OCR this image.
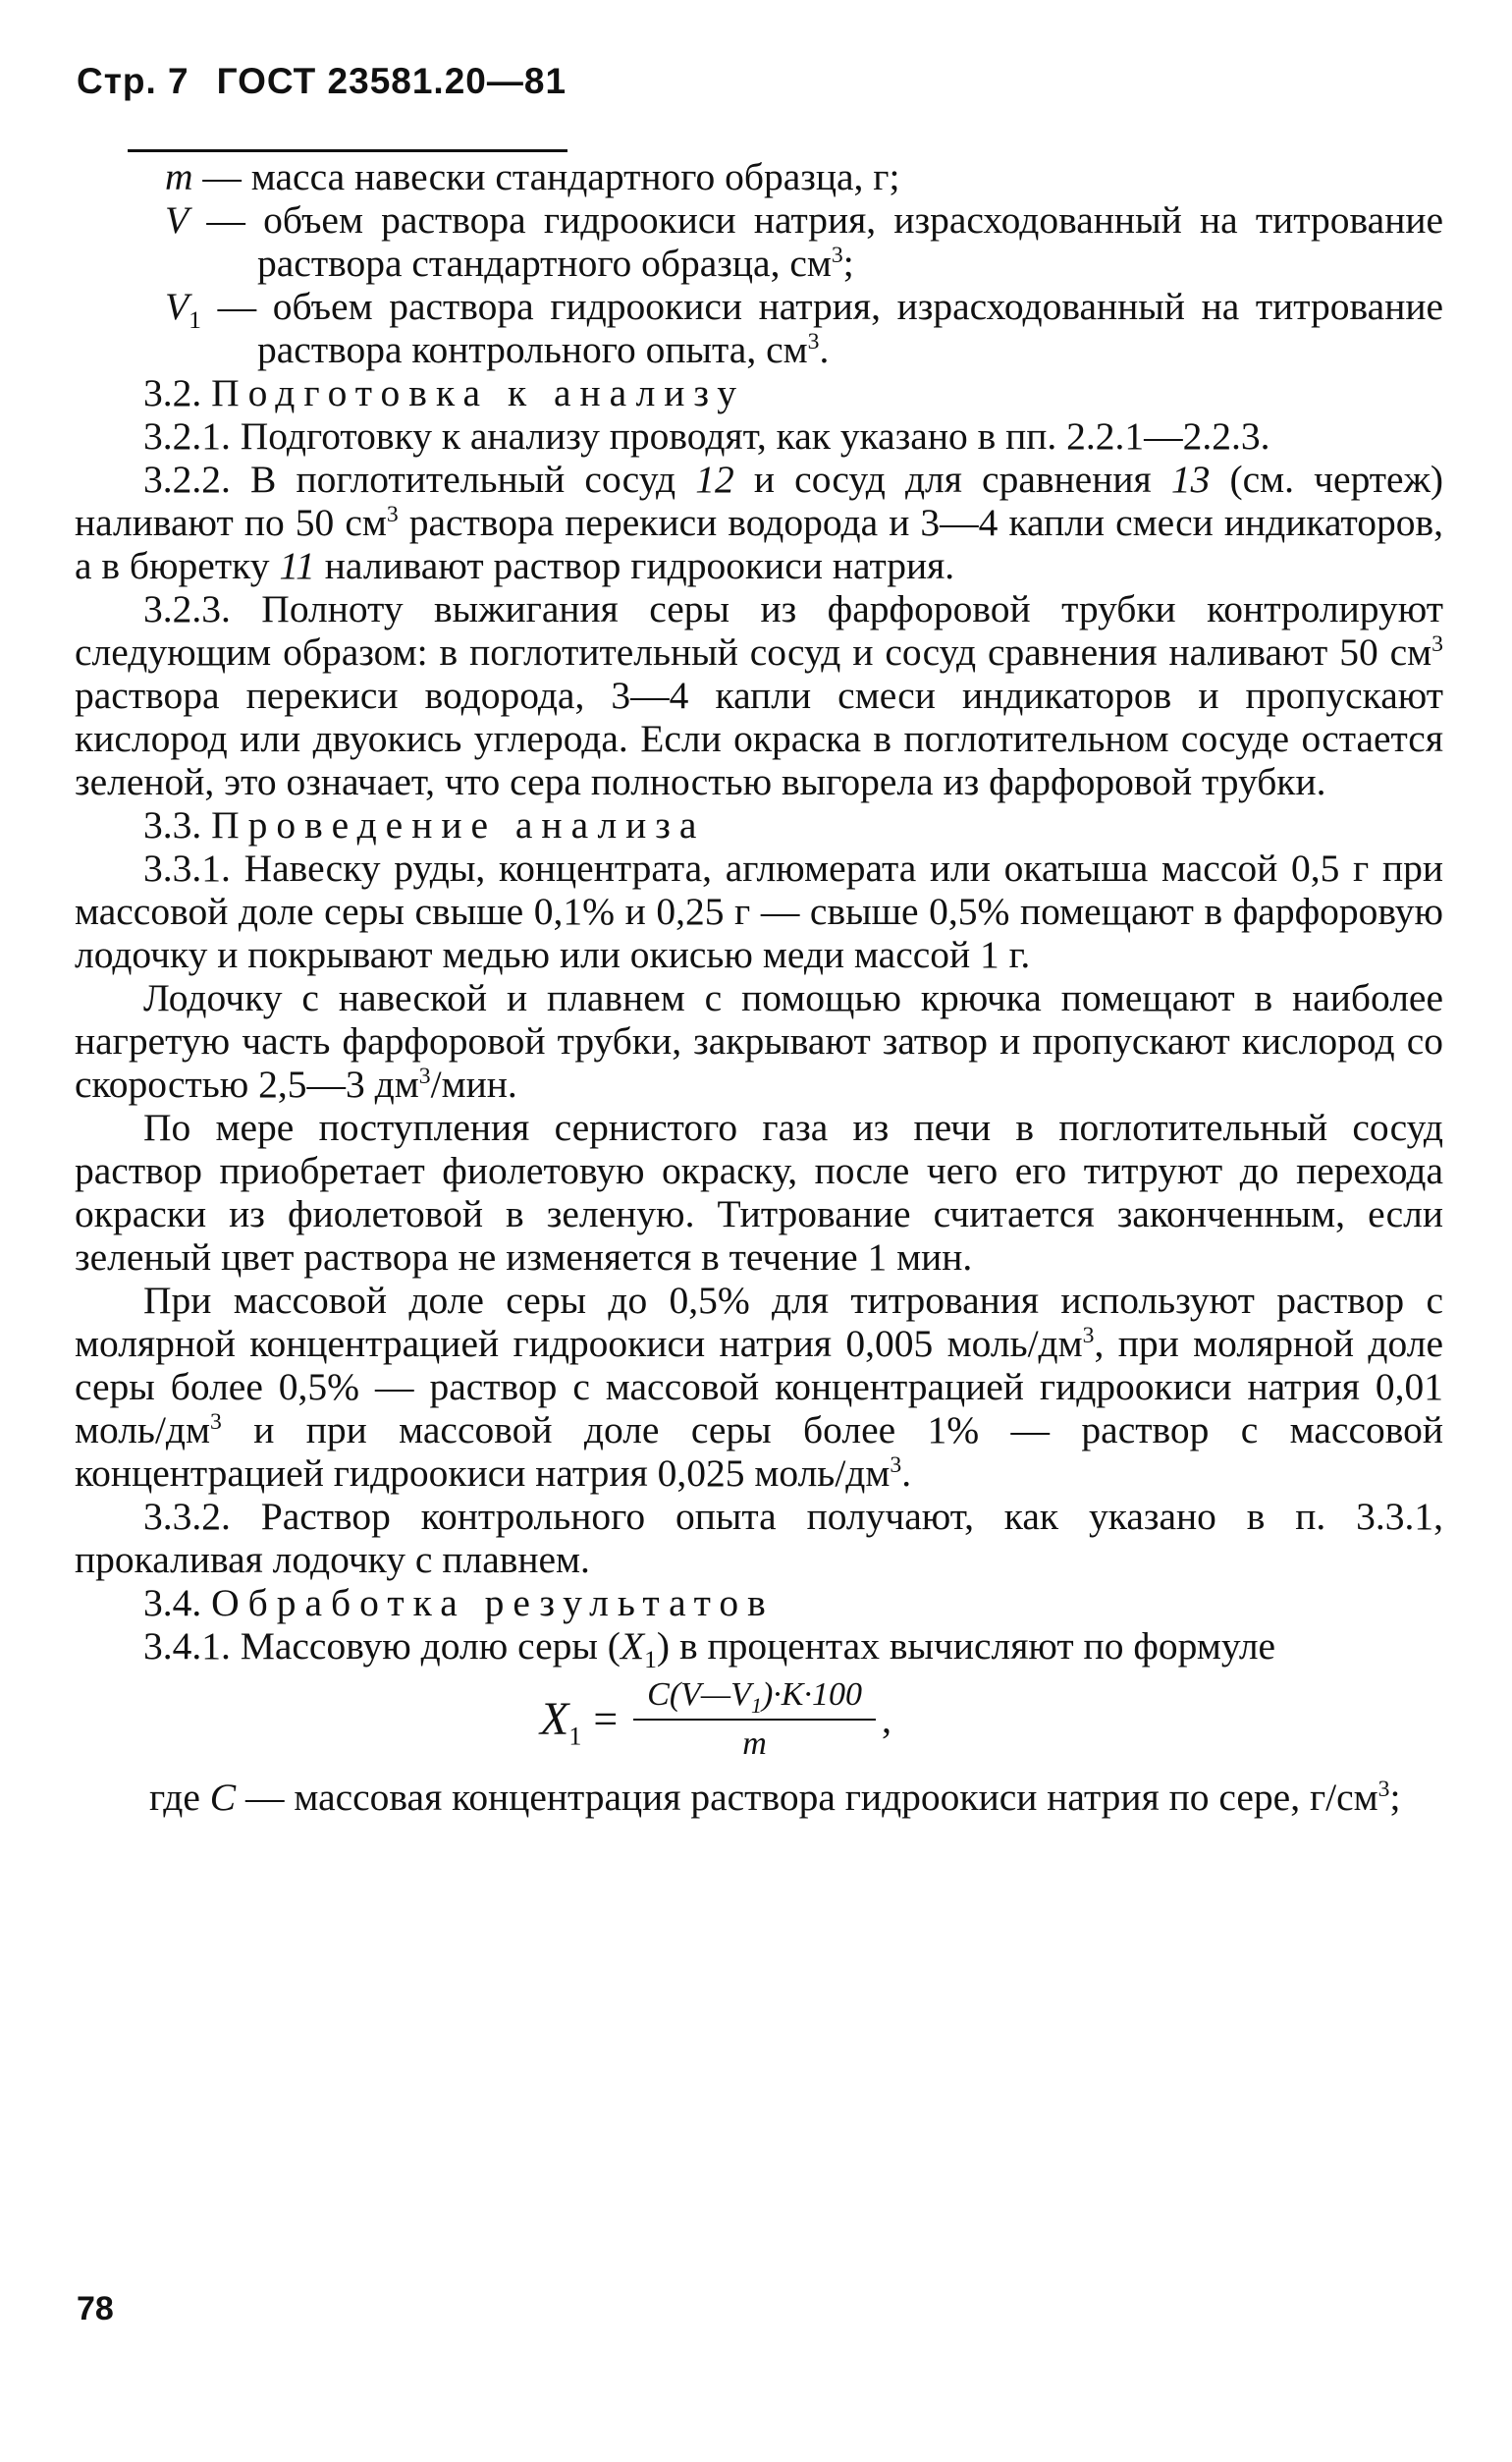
Стр. 7 ГОСТ 23581.20—81

m — масса навески стандартного образца, г;

V — объем раствора гидроокиси натрия, израсходованный на титрование раствора стандартного образца, $см^3$;

$V_1$ — объем раствора гидроокиси натрия, израсходованный на титрование раствора контрольного опыта, $см^3$.

3.2. Подготовка к анализу

3.2.1. Подготовку к анализу проводят, как указано в пп. 2.2.1—2.2.3.

3.2.2. В поглотительный сосуд 12 и сосуд для сравнения 13 (см. чертеж) наливают по 50 $см^3$ раствора перекиси водорода и 3—4 капли смеси индикаторов, а в бюретку 11 наливают раствор гидроокиси натрия.

3.2.3. Полноту выжигания серы из фарфоровой трубки контролируют следующим образом: в поглотительный сосуд и сосуд сравнения наливают 50 $см^3$ раствора перекиси водорода, 3—4 капли смеси индикаторов и пропускают кислород или двуокись углерода. Если окраска в поглотительном сосуде остается зеленой, это означает, что сера полностью выгорела из фарфоровой трубки.

3.3. Проведение анализа

3.3.1. Навеску руды, концентрата, аглюмерата или окатыша массой 0,5 г при массовой доле серы свыше 0,1% и 0,25 г — свыше 0,5% помещают в фарфоровую лодочку и покрывают медью или окисью меди массой 1 г.

Лодочку с навеской и плавнем с помощью крючка помещают в наиболее нагретую часть фарфоровой трубки, закрывают затвор и пропускают кислород со скоростью 2,5—3 $дм^3$/мин.

По мере поступления сернистого газа из печи в поглотительный сосуд раствор приобретает фиолетовую окраску, после чего его титруют до перехода окраски из фиолетовой в зеленую. Титрование считается законченным, если зеленый цвет раствора не изменяется в течение 1 мин.

При массовой доле серы до 0,5% для титрования используют раствор с молярной концентрацией гидроокиси натрия 0,005 моль/$дм^3$, при молярной доле серы более 0,5% — раствор с массовой концентрацией гидроокиси натрия 0,01 моль/$дм^3$ и при массовой доле серы более 1% — раствор с массовой концентрацией гидроокиси натрия 0,025 моль/$дм^3$.

3.3.2. Раствор контрольного опыта получают, как указано в п. 3.3.1, прокаливая лодочку с плавнем.

3.4. Обработка результатов

3.4.1. Массовую долю серы $(X_1)$ в процентах вычисляют по формуле

$X_1 = \frac{C(V—V_1)\cdot K\cdot 100}{m}$ ,

где C — массовая концентрация раствора гидроокиси натрия по сере, $г/см^3$;

78
